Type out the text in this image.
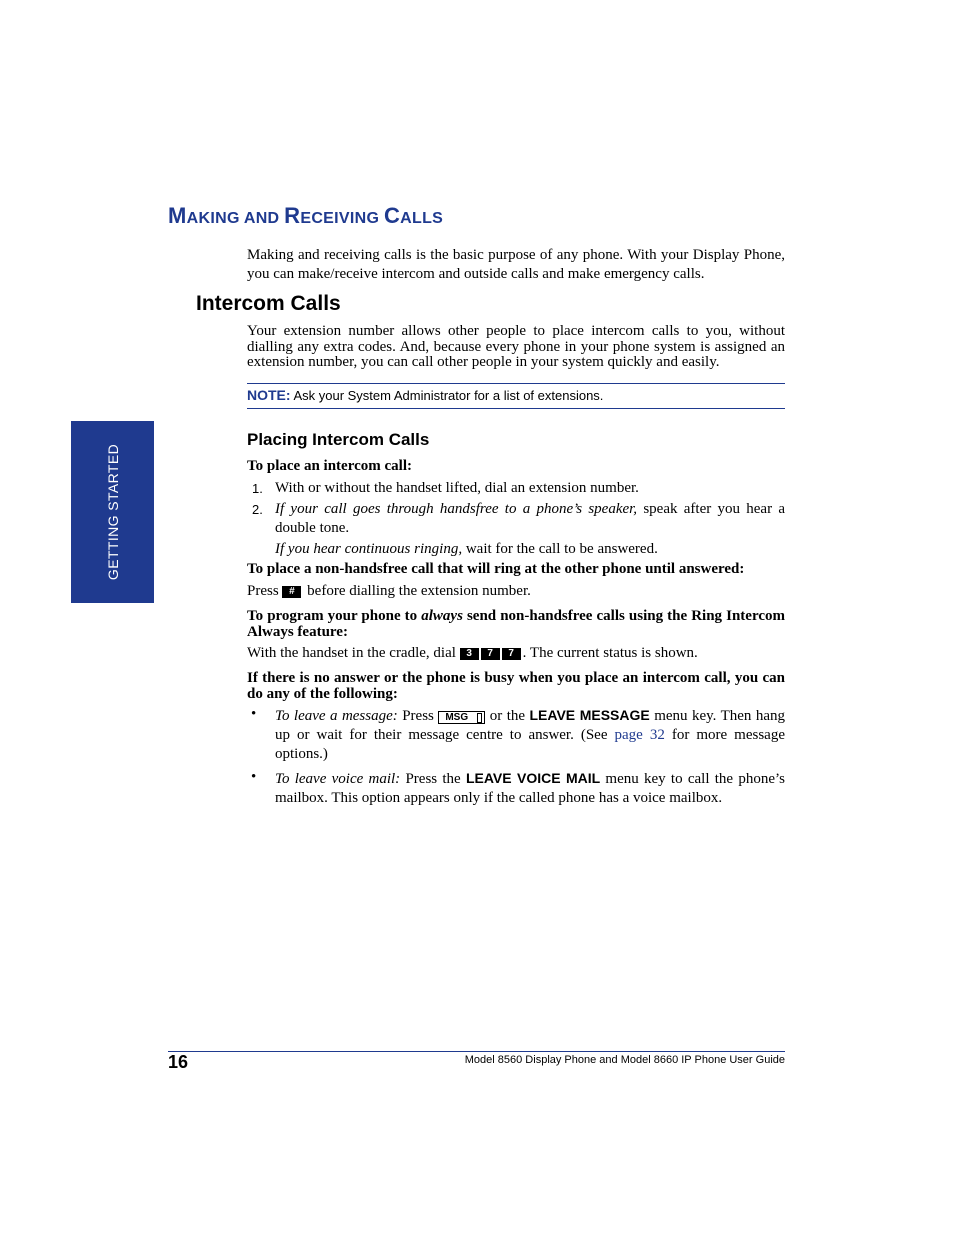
MAKING AND RECEIVING CALLS

Making and receiving calls is the basic purpose of any phone. With your Display Phone, you can make/receive intercom and outside calls and make emergency calls.

Intercom Calls

Your extension number allows other people to place intercom calls to you, without dialling any extra codes. And, because every phone in your phone system is assigned an extension number, you can call other people in your system quickly and easily.

NOTE: Ask your System Administrator for a list of extensions.
Placing Intercom Calls

To place an intercom call:

1. With or without the handset lifted, dial an extension number.

2. If your call goes through handsfree to a phone’s speaker, speak after you hear a double tone.

If you hear continuous ringing, wait for the call to be answered.

To place a non-handsfree call that will ring at the other phone until answered:

Press # before dialling the extension number.

To program your phone to always send non-handsfree calls using the Ring Intercom Always feature:

With the handset in the cradle, dial 3 7 7 . The current status is shown.

If there is no answer or the phone is busy when you place an intercom call, you can do any of the following:

• To leave a message: Press MSG
or the LEAVE MESSAGE menu key. Then hang up or wait for their message centre to answer. (See page 32 for more message options.)

• To leave voice mail: Press the LEAVE VOICE MAIL menu key to call the phone’s mailbox. This option appears only if the called phone has a voice mailbox.

GETTING STARTED
16	Model 8560 Display Phone and Model 8660 IP Phone User Guide
